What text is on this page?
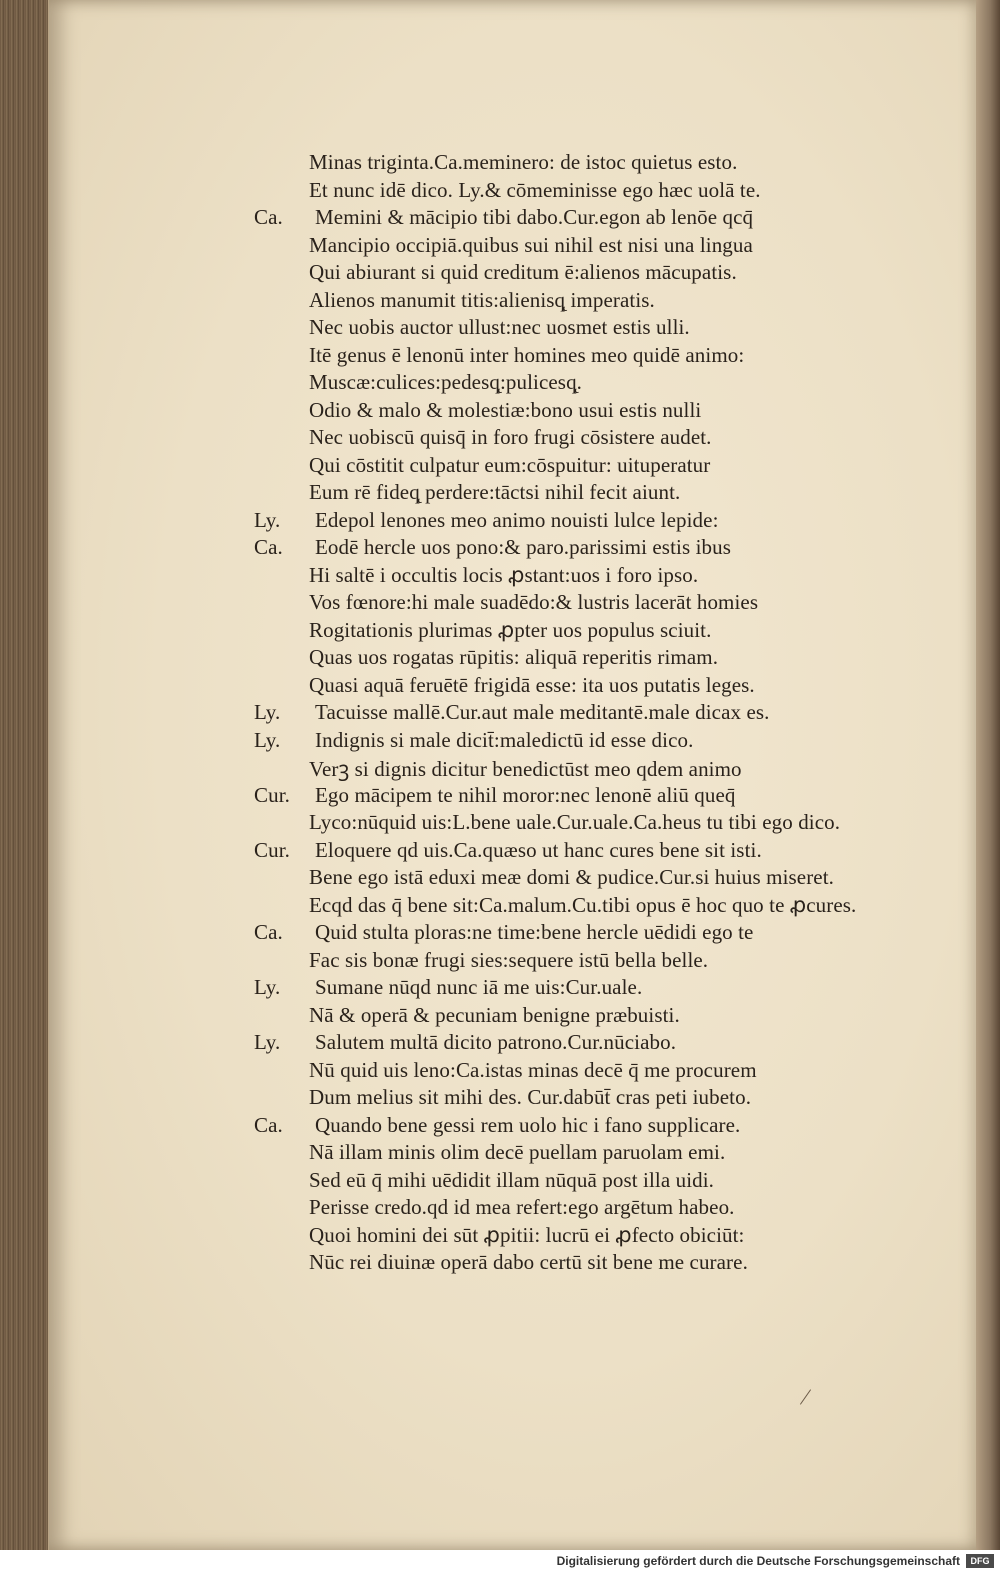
Minas triginta.Ca.meminero: de istoc quietus esto.
Et nunc idē dico. Ly.& cōmeminisse ego hæc uolā te.
Ca. Memini & mācipio tibi dabo.Cur.egon ab lenōe qcq̄
Mancipio occipiā.quibus sui nihil est nisi una lingua
Qui abiurant si quid creditum ē:alienos mācupatis.
Alienos manumit titis:alienisq̨ imperatis.
Nec uobis auctor ullust:nec uosmet estis ulli.
Itē genus ē lenonū inter homines meo quidē animo:
Muscæ:culices:pedesq̨:pulicesq̨.
Odio & malo & molestiæ:bono usui estis nulli
Nec uobiscū quisq̄ in foro frugi cōsistere audet.
Qui cōstitit culpatur eum:cōspuitur: uituperatur
Eum rē fideq̨ perdere:tāctsi nihil fecit aiunt.
Ly. Edepol lenones meo animo nouisti lulce lepide:
Ca. Eodē hercle uos pono:& paro.parissimi estis ibus
Hi saltē i occultis locis ꝓstant:uos i foro ipso.
Vos fœnore:hi male suadēdo:& lustris lacerāt homies
Rogitationis plurimas ꝓpter uos populus sciuit.
Quas uos rogatas rūpitis: aliquā reperitis rimam.
Quasi aquā feruētē frigidā esse: ita uos putatis leges.
Ly. Tacuisse mallē.Cur.aut male meditantē.male dicax es.
Ly. Indignis si male dicit̄:maledictū id esse dico.
Verꝫ si dignis dicitur benedictūst meo qdem animo
Cur. Ego mācipem te nihil moror:nec lenonē aliū queq̄
Lyco:nūquid uis:L.bene uale.Cur.uale.Ca.heus tu tibi ego dico.
Cur. Eloquere qd uis.Ca.quæso ut hanc cures bene sit isti.
Bene ego istā eduxi meæ domi & pudice.Cur.si huius miseret.
Ecqd das q̄ bene sit:Ca.malum.Cu.tibi opus ē hoc quo te ꝓcures.
Ca. Quid stulta ploras:ne time:bene hercle uēdidi ego te
Fac sis bonæ frugi sies:sequere istū bella belle.
Ly. Sumane nūqd nunc iā me uis:Cur.uale.
Nā & operā & pecuniam benigne præbuisti.
Ly. Salutem multā dicito patrono.Cur.nūciabo.
Nū quid uis leno:Ca.istas minas decē q̄ me procurem
Dum melius sit mihi des. Cur.dabūt̄ cras peti iubeto.
Ca. Quando bene gessi rem uolo hic i fano supplicare.
Nā illam minis olim decē puellam paruolam emi.
Sed eū q̄ mihi uēdidit illam nūquā post illa uidi.
Perisse credo.qd id mea refert:ego argētum habeo.
Quoi homini dei sūt ꝓpitii: lucrū ei ꝓfecto obiciūt:
Nūc rei diuinæ operā dabo certū sit bene me curare.
Digitalisierung gefördert durch die Deutsche Forschungsgemeinschaft	DFG
